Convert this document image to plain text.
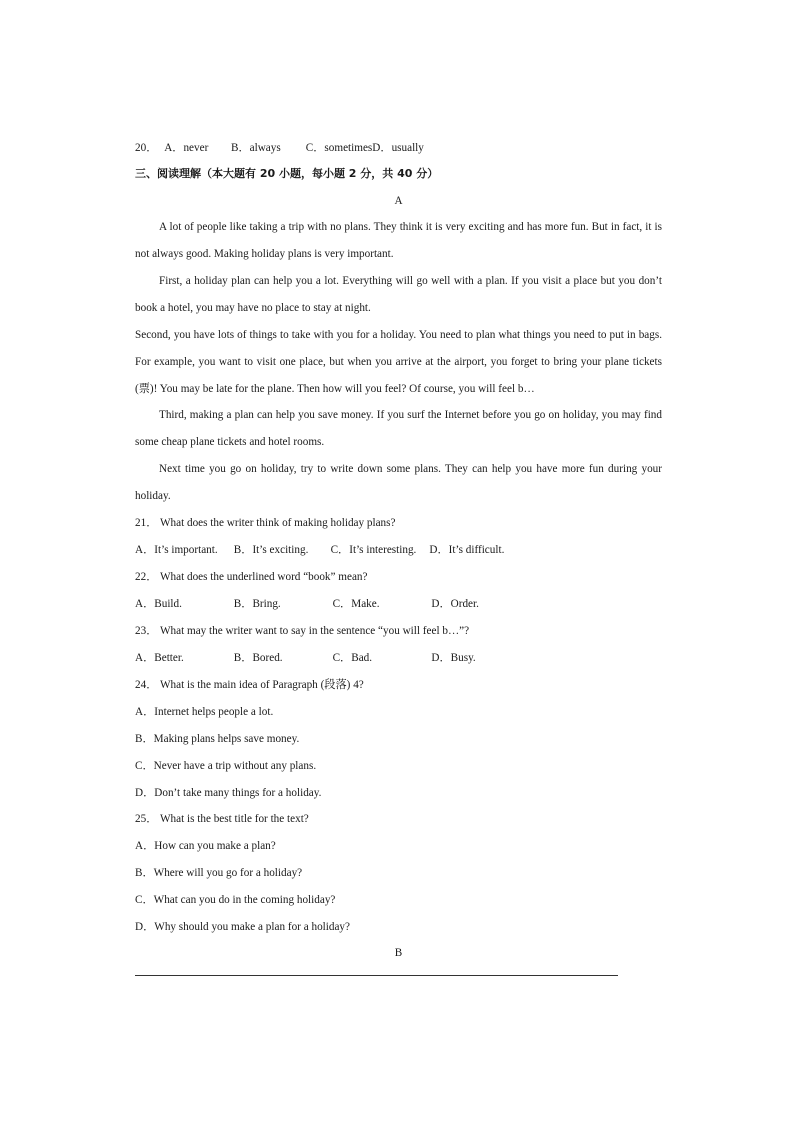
20． A．never B．always C．sometimesD．usually
三、阅读理解（本大题有 20 小题，每小题 2 分，共 40 分）
A
A lot of people like taking a trip with no plans. They think it is very exciting and has more fun. But in fact, it is not always good. Making holiday plans is very important.
First, a holiday plan can help you a lot. Everything will go well with a plan. If you visit a place but you don’t book a hotel, you may have no place to stay at night.
Second, you have lots of things to take with you for a holiday. You need to plan what things you need to put in bags. For example, you want to visit one place, but when you arrive at the airport, you forget to bring your plane tickets (票)! You may be late for the plane. Then how will you feel? Of course, you will feel b…
Third, making a plan can help you save money. If you surf the Internet before you go on holiday, you may find some cheap plane tickets and hotel rooms.
Next time you go on holiday, try to write down some plans. They can help you have more fun during your holiday.
21． What does the writer think of making holiday plans?
A．It’s important. B．It’s exciting. C．It’s interesting. D．It’s difficult.
22． What does the underlined word “book” mean?
A．Build.	B．Bring.	C．Make.	D．Order.
23． What may the writer want to say in the sentence “you will feel b…”?
A．Better.	B．Bored.	C．Bad.	D．Busy.
24． What is the main idea of Paragraph (段落) 4?
A．Internet helps people a lot.
B．Making plans helps save money.
C．Never have a trip without any plans.
D．Don’t take many things for a holiday.
25． What is the best title for the text?
A．How can you make a plan?
B．Where will you go for a holiday?
C．What can you do in the coming holiday?
D．Why should you make a plan for a holiday?
B
